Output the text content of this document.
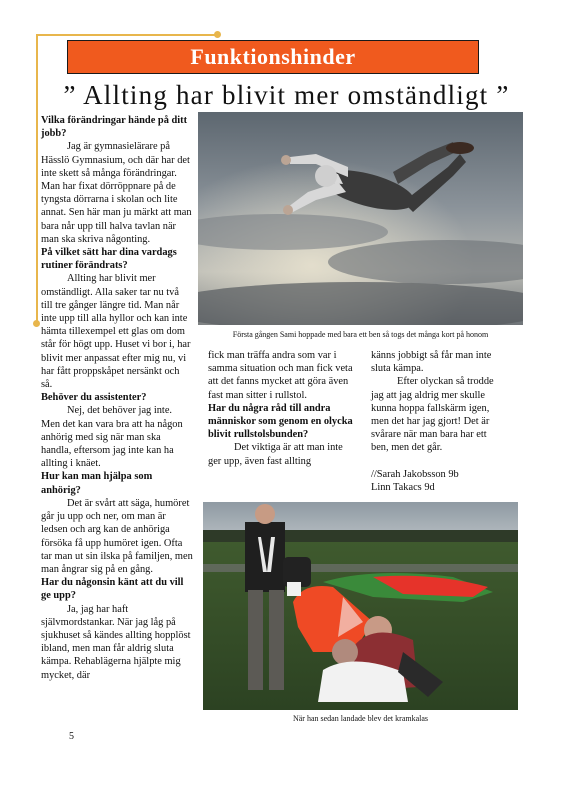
Funktionshinder
” Allting har blivit mer omständligt ”

Vilka förändringar hände på ditt jobb?

Jag är gymnasielärare på Hässlö Gymnasium, och där har det inte skett så många förändringar. Man har fixat dörröppnare på de tyngsta dörrarna i skolan och lite annat. Sen här man ju märkt att man bara når upp till halva tavlan när man ska skriva någonting.

På vilket sätt har dina vardags rutiner förändrats?

Allting har blivit mer omständligt. Alla saker tar nu två till tre gånger längre tid. Man når inte upp till alla hyllor och kan inte hämta tillexempel ett glas om dom står för högt upp. Huset vi bor i, har blivit mer anpassat efter mig nu, vi har fått proppskåpet nersänkt och så.

Behöver du assistenter?

Nej, det behöver jag inte. Men det kan vara bra att ha någon anhörig med sig när man ska handla, eftersom jag inte kan ha allting i knäet.

Hur kan man hjälpa som anhörig?

Det är svårt att säga, humöret går ju upp och ner, om man är ledsen och arg kan de anhöriga försöka få upp humöret igen. Ofta tar man ut sin ilska på familjen, men man ångrar sig på en gång.

Har du någonsin känt att du vill ge upp?

Ja, jag har haft självmordstankar. När jag låg på sjukhuset så kändes allting hopplöst ibland, men man får aldrig sluta kämpa. Rehablägerna hjälpte mig mycket, där

Första gången Sami hoppade med bara ett ben så togs det många kort på honom

fick man träffa andra som var i samma situation och man fick veta att det fanns mycket att göra även fast man sitter i rullstol.

Har du några råd till andra människor som genom en olycka blivit rullstolsbunden?

Det viktiga är att man inte ger upp, även fast allting

känns jobbigt så får man inte sluta kämpa.

Efter olyckan så trodde jag att jag aldrig mer skulle kunna hoppa fallskärm igen, men det har jag gjort! Det är svårare när man bara har ett ben, men det går.

//Sarah Jakobsson 9b

Linn Takacs 9d

När han sedan landade blev det kramkalas
5
